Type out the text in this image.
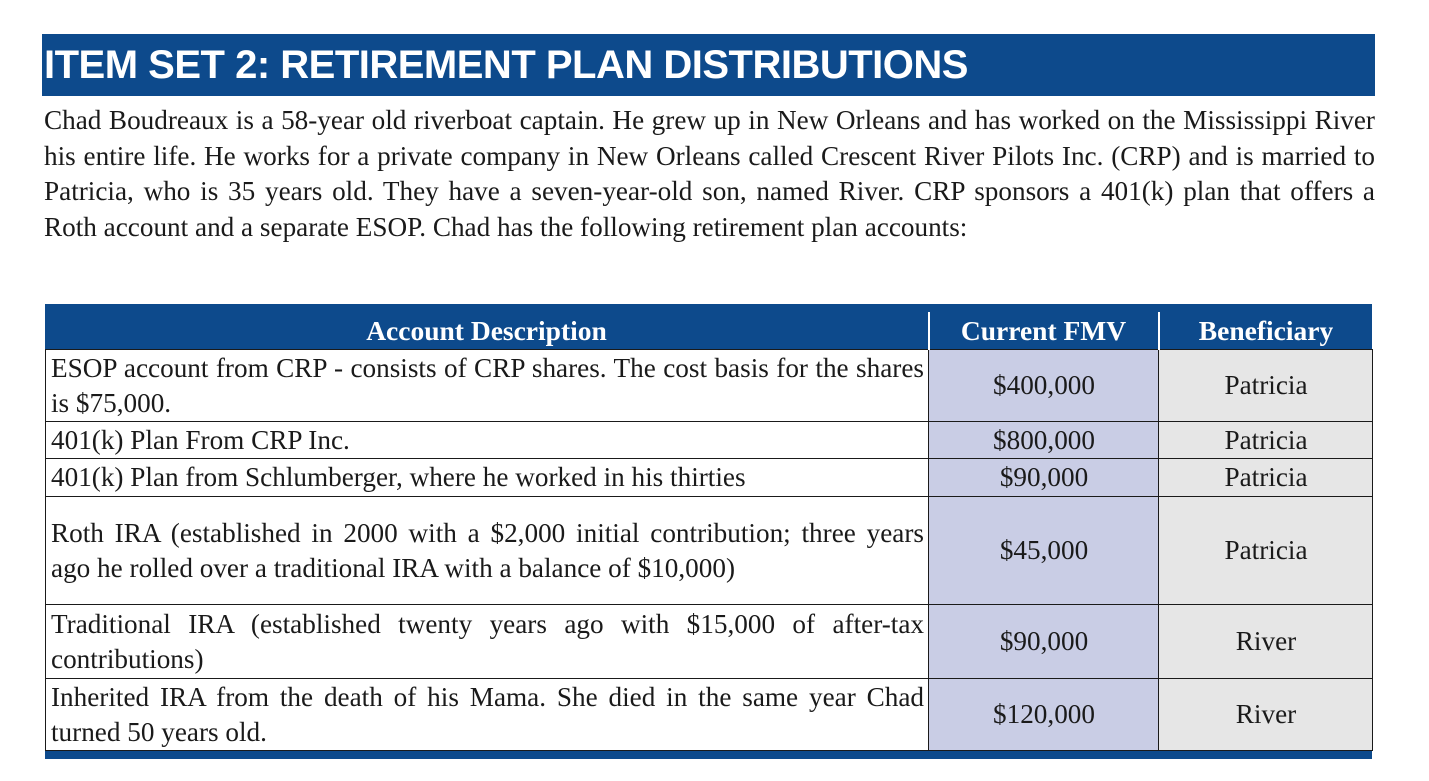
ITEM SET 2: RETIREMENT PLAN DISTRIBUTIONS

Chad Boudreaux is a 58-year old riverboat captain. He grew up in New Orleans and has worked on the Mississippi River his entire life. He works for a private company in New Orleans called Crescent River Pilots Inc. (CRP) and is married to Patricia, who is 35 years old. They have a seven-year-old son, named River. CRP sponsors a 401(k) plan that offers a Roth account and a separate ESOP. Chad has the following retirement plan accounts:

Account Description	Current FMV	Beneficiary
ESOP account from CRP - consists of CRP shares. The cost basis for the shares is $75,000.	$400,000	Patricia
401(k) Plan From CRP Inc.	$800,000	Patricia
401(k) Plan from Schlumberger, where he worked in his thirties	$90,000	Patricia
Roth IRA (established in 2000 with a $2,000 initial contribution; three years ago he rolled over a traditional IRA with a balance of $10,000)	$45,000	Patricia
Traditional IRA (established twenty years ago with $15,000 of after-tax contributions)	$90,000	River
Inherited IRA from the death of his Mama. She died in the same year Chad turned 50 years old.	$120,000	River
